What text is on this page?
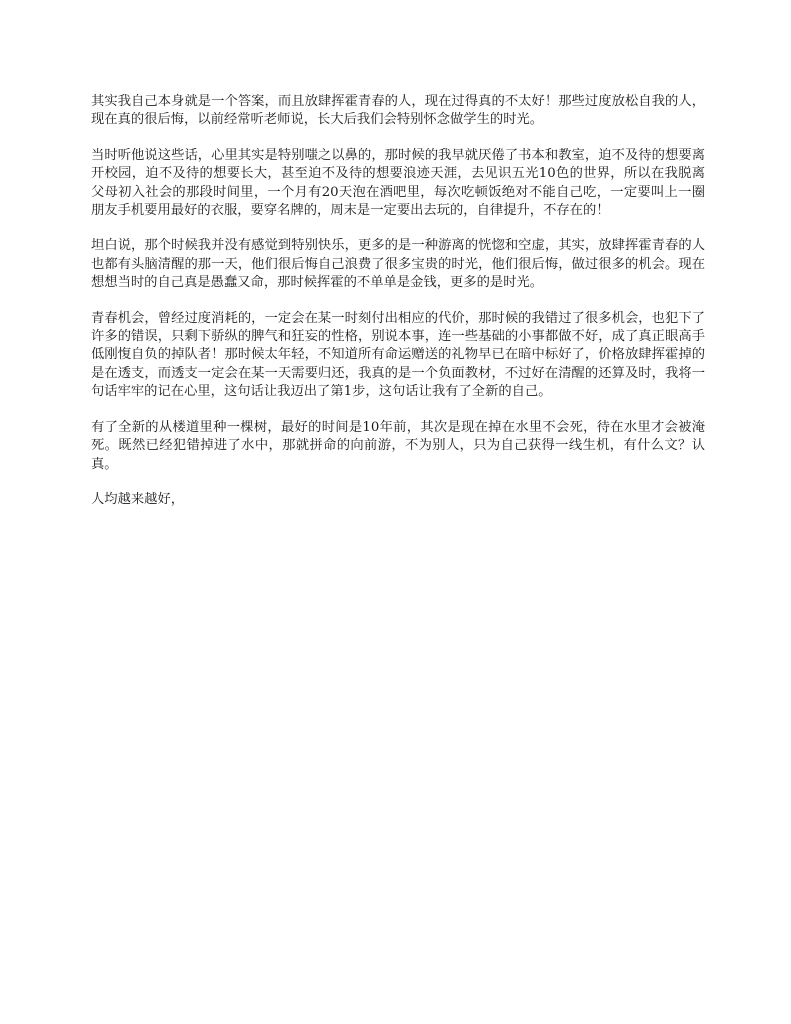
其实我自己本身就是一个答案，而且放肆挥霍青春的人，现在过得真的不太好！那些过度放松自我的人，现在真的很后悔，以前经常听老师说，长大后我们会特别怀念做学生的时光。

当时听他说这些话，心里其实是特别嗤之以鼻的，那时候的我早就厌倦了书本和教室，迫不及待的想要离开校园，迫不及待的想要长大，甚至迫不及待的想要浪迹天涯，去见识五光10色的世界，所以在我脱离父母初入社会的那段时间里，一个月有20天泡在酒吧里，每次吃顿饭绝对不能自己吃，一定要叫上一圈朋友手机要用最好的衣服，要穿名牌的，周末是一定要出去玩的，自律提升，不存在的！

坦白说，那个时候我并没有感觉到特别快乐，更多的是一种游离的恍惚和空虚，其实，放肆挥霍青春的人也都有头脑清醒的那一天，他们很后悔自己浪费了很多宝贵的时光，他们很后悔，做过很多的机会。现在想想当时的自己真是愚蠢又命，那时候挥霍的不单单是金钱，更多的是时光。

青春机会，曾经过度消耗的，一定会在某一时刻付出相应的代价，那时候的我错过了很多机会，也犯下了许多的错误，只剩下骄纵的脾气和狂妄的性格，别说本事，连一些基础的小事都做不好，成了真正眼高手低刚愎自负的掉队者！那时候太年轻，不知道所有命运赠送的礼物早已在暗中标好了，价格放肆挥霍掉的是在透支，而透支一定会在某一天需要归还，我真的是一个负面教材，不过好在清醒的还算及时，我将一句话牢牢的记在心里，这句话让我迈出了第1步，这句话让我有了全新的自己。

有了全新的从楼道里种一棵树，最好的时间是10年前，其次是现在掉在水里不会死，待在水里才会被淹死。既然已经犯错掉进了水中，那就拼命的向前游，不为别人，只为自己获得一线生机，有什么文？认真。

人均越来越好，
